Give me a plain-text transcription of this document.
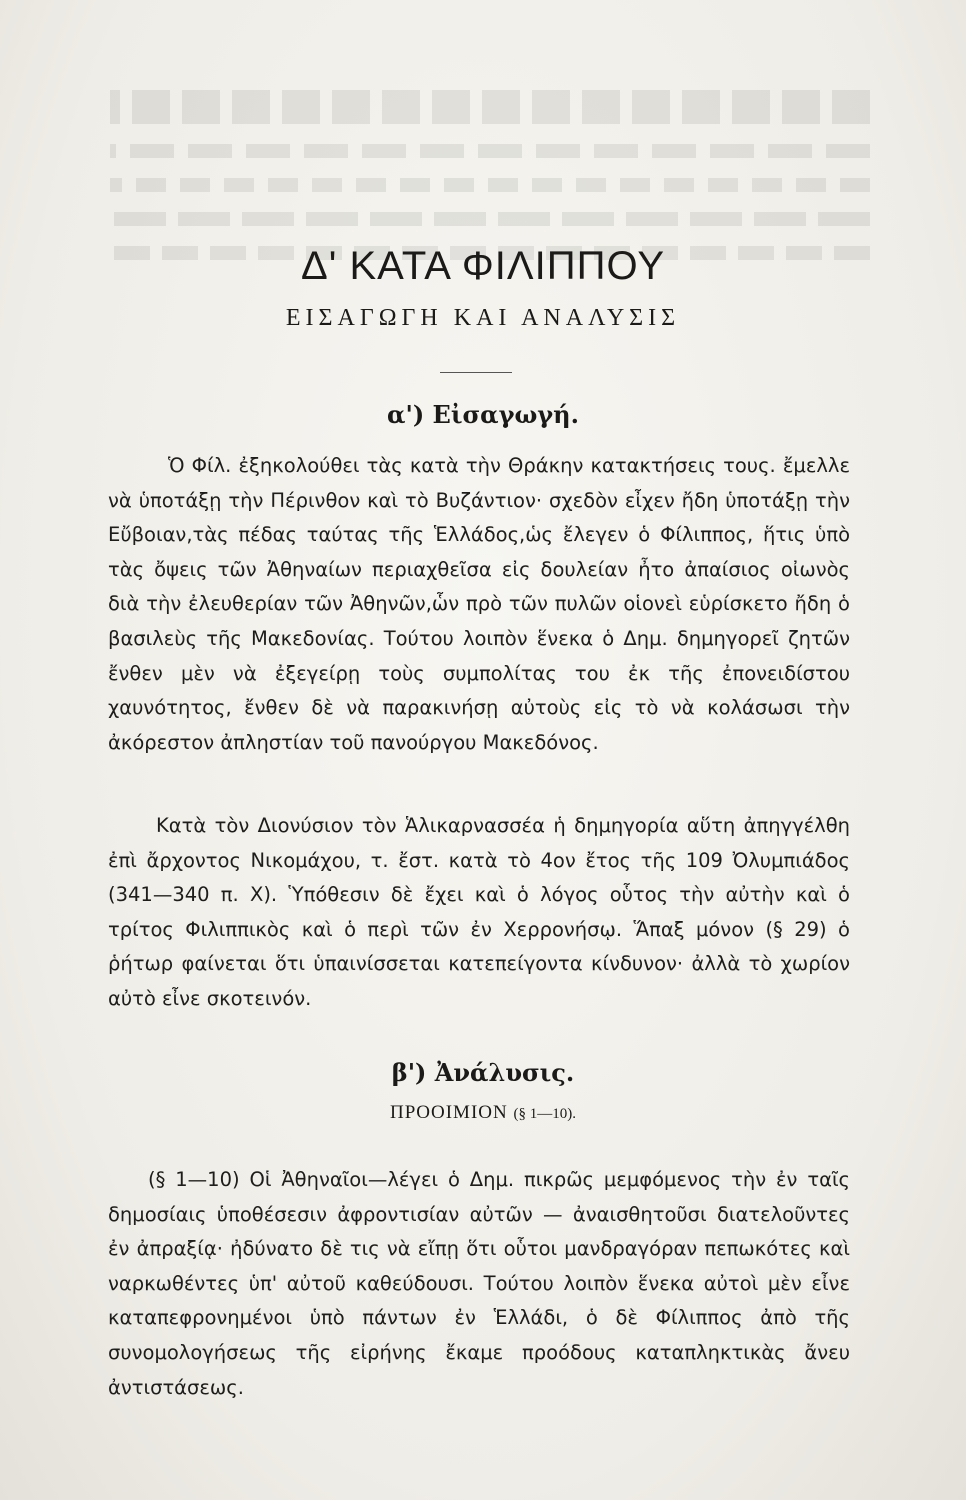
Δ' ΚΑΤΑ ΦΙΛΙΠΠΟΥ
ΕΙΣΑΓΩΓΗ ΚΑΙ ΑΝΑΛΥΣΙΣ
α') Εἰσαγωγή.

Ὁ Φίλ. ἐξηκολούθει τὰς κατὰ τὴν Θράκην κατακτήσεις τους. ἔμελλε νὰ ὑποτάξῃ τὴν Πέρινθον καὶ τὸ Βυζάντιον· σχεδὸν εἶχεν ἤδη ὑποτάξῃ τὴν Εὔβοιαν,τὰς πέδας ταύτας τῆς Ἑλλάδος,ὡς ἔλεγεν ὁ Φίλιππος, ἥτις ὑπὸ τὰς ὄψεις τῶν Ἀθηναίων περιαχθεῖσα εἰς δουλείαν ἦτο ἀπαίσιος οἰωνὸς διὰ τὴν ἐλευθερίαν τῶν Ἀθηνῶν,ὧν πρὸ τῶν πυλῶν οἱονεὶ εὑρίσκετο ἤδη ὁ βασιλεὺς τῆς Μακεδονίας. Τούτου λοιπὸν ἕνεκα ὁ Δημ. δημηγορεῖ ζητῶν ἔνθεν μὲν νὰ ἐξεγείρῃ τοὺς συμπολίτας του ἐκ τῆς ἐπονειδίστου χαυνότητος, ἔνθεν δὲ νὰ παρακινήσῃ αὐτοὺς εἰς τὸ νὰ κολάσωσι τὴν ἀκόρεστον ἀπληστίαν τοῦ πανούργου Μακεδόνος.

Κατὰ τὸν Διονύσιον τὸν Ἁλικαρνασσέα ἡ δημηγορία αὕτη ἀπηγγέλθη ἐπὶ ἄρχοντος Νικομάχου, τ. ἔστ. κατὰ τὸ 4ον ἔτος τῆς 109 Ὀλυμπιάδος (341—340 π. Χ). Ὑπόθεσιν δὲ ἔχει καὶ ὁ λόγος οὗτος τὴν αὐτὴν καὶ ὁ τρίτος Φιλιππικὸς καὶ ὁ περὶ τῶν ἐν Χερρονήσῳ. Ἅπαξ μόνον (§ 29) ὁ ῥήτωρ φαίνεται ὅτι ὑπαινίσσεται κατεπείγοντα κίνδυνον· ἀλλὰ τὸ χωρίον αὐτὸ εἶνε σκοτεινόν.

β') Ἀνάλυσις.
ΠΡΟΟΙΜΙΟΝ (§ 1—10).

(§ 1—10) Οἱ Ἀθηναῖοι—λέγει ὁ Δημ. πικρῶς μεμφόμενος τὴν ἐν ταῖς δημοσίαις ὑποθέσεσιν ἀφροντισίαν αὐτῶν — ἀναισθητοῦσι διατελοῦντες ἐν ἀπραξίᾳ· ἠδύνατο δὲ τις νὰ εἴπῃ ὅτι οὗτοι μανδραγόραν πεπωκότες καὶ ναρκωθέντες ὑπ' αὐτοῦ καθεύδουσι. Τούτου λοιπὸν ἕνεκα αὐτοὶ μὲν εἶνε καταπεφρονημένοι ὑπὸ πάντων ἐν Ἑλλάδι, ὁ δὲ Φίλιππος ἀπὸ τῆς συνομολογήσεως τῆς εἰρήνης ἔκαμε προόδους καταπληκτικὰς ἄνευ ἀντιστάσεως.
